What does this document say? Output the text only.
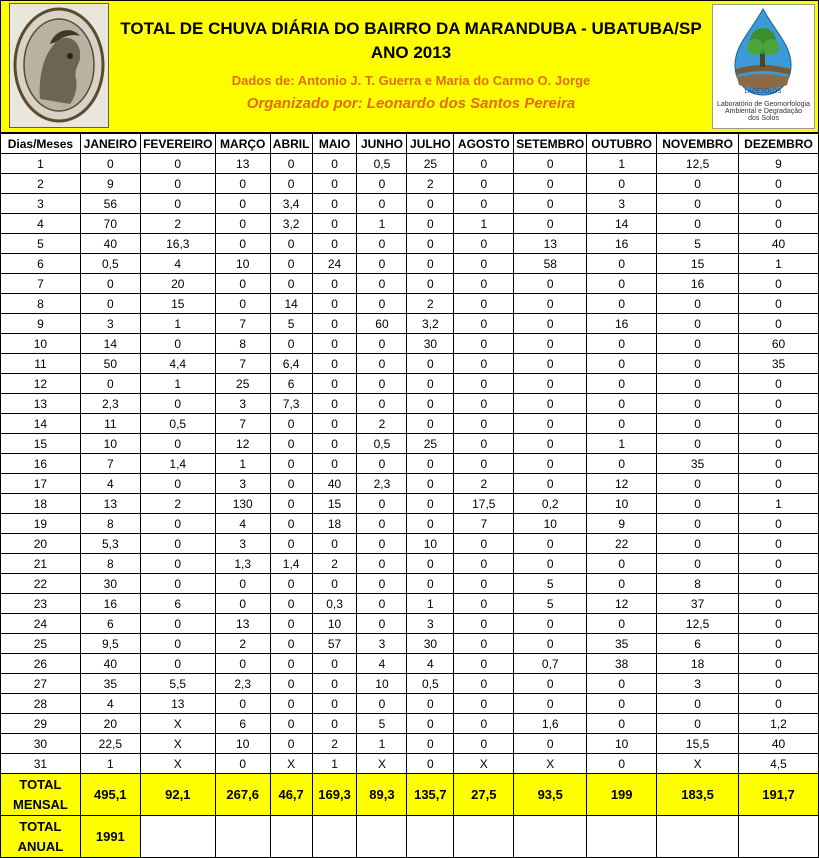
TOTAL DE CHUVA DIÁRIA DO BAIRRO DA MARANDUBA - UBATUBA/SP
ANO 2013
Dados de: Antonio J. T. Guerra e Maria do Carmo O. Jorge
Organizado por: Leonardo dos Santos Pereira
LAGESOLOS
Laboratório de Geomorfologia
Ambiental e Degradação
dos Solos
Dias/Meses	JANEIRO	FEVEREIRO	MARÇO	ABRIL	MAIO	JUNHO	JULHO	AGOSTO	SETEMBRO	OUTUBRO	NOVEMBRO	DEZEMBRO
1	0	0	13	0	0	0,5	25	0	0	1	12,5	9
2	9	0	0	0	0	0	2	0	0	0	0	0
3	56	0	0	3,4	0	0	0	0	0	3	0	0
4	70	2	0	3,2	0	1	0	1	0	14	0	0
5	40	16,3	0	0	0	0	0	0	13	16	5	40
6	0,5	4	10	0	24	0	0	0	58	0	15	1
7	0	20	0	0	0	0	0	0	0	0	16	0
8	0	15	0	14	0	0	2	0	0	0	0	0
9	3	1	7	5	0	60	3,2	0	0	16	0	0
10	14	0	8	0	0	0	30	0	0	0	0	60
11	50	4,4	7	6,4	0	0	0	0	0	0	0	35
12	0	1	25	6	0	0	0	0	0	0	0	0
13	2,3	0	3	7,3	0	0	0	0	0	0	0	0
14	11	0,5	7	0	0	2	0	0	0	0	0	0
15	10	0	12	0	0	0,5	25	0	0	1	0	0
16	7	1,4	1	0	0	0	0	0	0	0	35	0
17	4	0	3	0	40	2,3	0	2	0	12	0	0
18	13	2	130	0	15	0	0	17,5	0,2	10	0	1
19	8	0	4	0	18	0	0	7	10	9	0	0
20	5,3	0	3	0	0	0	10	0	0	22	0	0
21	8	0	1,3	1,4	2	0	0	0	0	0	0	0
22	30	0	0	0	0	0	0	0	5	0	8	0
23	16	6	0	0	0,3	0	1	0	5	12	37	0
24	6	0	13	0	10	0	3	0	0	0	12,5	0
25	9,5	0	2	0	57	3	30	0	0	35	6	0
26	40	0	0	0	0	4	4	0	0,7	38	18	0
27	35	5,5	2,3	0	0	10	0,5	0	0	0	3	0
28	4	13	0	0	0	0	0	0	0	0	0	0
29	20	X	6	0	0	5	0	0	1,6	0	0	1,2
30	22,5	X	10	0	2	1	0	0	0	10	15,5	40
31	1	X	0	X	1	X	0	X	X	0	X	4,5
TOTAL MENSAL	495,1	92,1	267,6	46,7	169,3	89,3	135,7	27,5	93,5	199	183,5	191,7
TOTAL ANUAL	1991											
